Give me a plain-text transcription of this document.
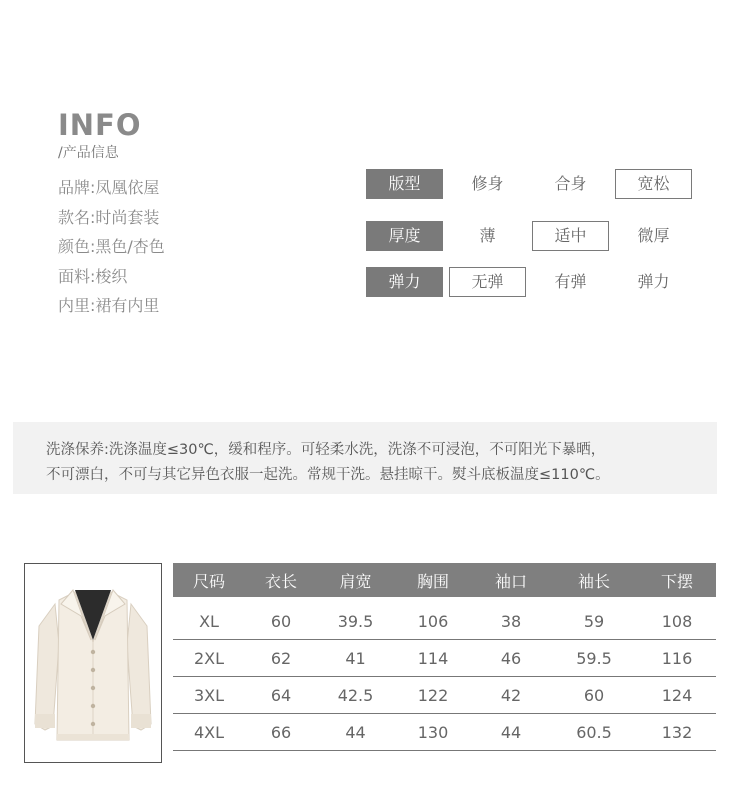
INFO
/产品信息
品牌:凤凰依屋
款名:时尚套装
颜色:黑色/杏色
面料:梭织
内里:裙有内里
版型	修身	合身	宽松
厚度	薄	适中	微厚
弹力	无弹	有弹	弹力
洗涤保养:洗涤温度≤30℃，缓和程序。可轻柔水洗，洗涤不可浸泡，不可阳光下暴晒，
不可漂白，不可与其它异色衣服一起洗。常规干洗。悬挂晾干。熨斗底板温度≤110℃。
尺码	衣长	肩宽	胸围	袖口	袖长	下摆
XL	60	39.5	106	38	59	108
2XL	62	41	114	46	59.5	116
3XL	64	42.5	122	42	60	124
4XL	66	44	130	44	60.5	132
